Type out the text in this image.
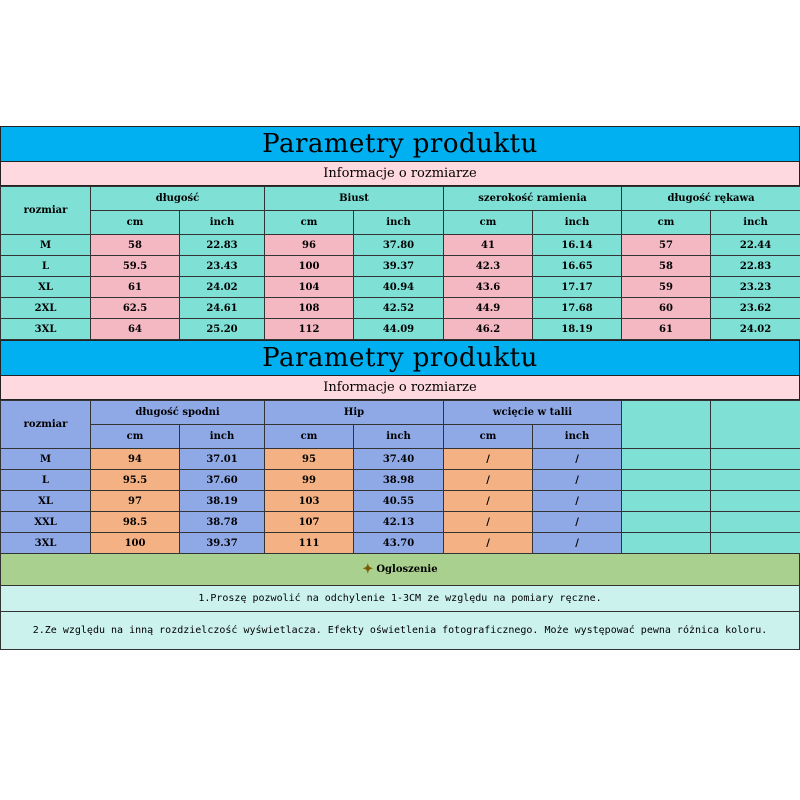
Parametry produktu
Informacje o rozmiarze
rozmiar	długość		Biust		szerokość ramienia		długość rękawa	
	cm	inch	cm	inch	cm	inch	cm	inch
M	58	22.83	96	37.80	41	16.14	57	22.44
L	59.5	23.43	100	39.37	42.3	16.65	58	22.83
XL	61	24.02	104	40.94	43.6	17.17	59	23.23
2XL	62.5	24.61	108	42.52	44.9	17.68	60	23.62
3XL	64	25.20	112	44.09	46.2	18.19	61	24.02
Parametry produktu
Informacje o rozmiarze
rozmiar	długość spodni		Hip		wcięcie w talii			
	cm	inch	cm	inch	cm	inch		
M	94	37.01	95	37.40	/	/		
L	95.5	37.60	99	38.98	/	/		
XL	97	38.19	103	40.55	/	/		
XXL	98.5	38.78	107	42.13	/	/		
3XL	100	39.37	111	43.70	/	/		
✦ Ogloszenie
1.Proszę pozwolić na odchylenie 1-3CM ze względu na pomiary ręczne.
2.Ze względu na inną rozdzielczość wyświetlacza. Efekty oświetlenia fotograficznego. Może występować pewna różnica koloru.
